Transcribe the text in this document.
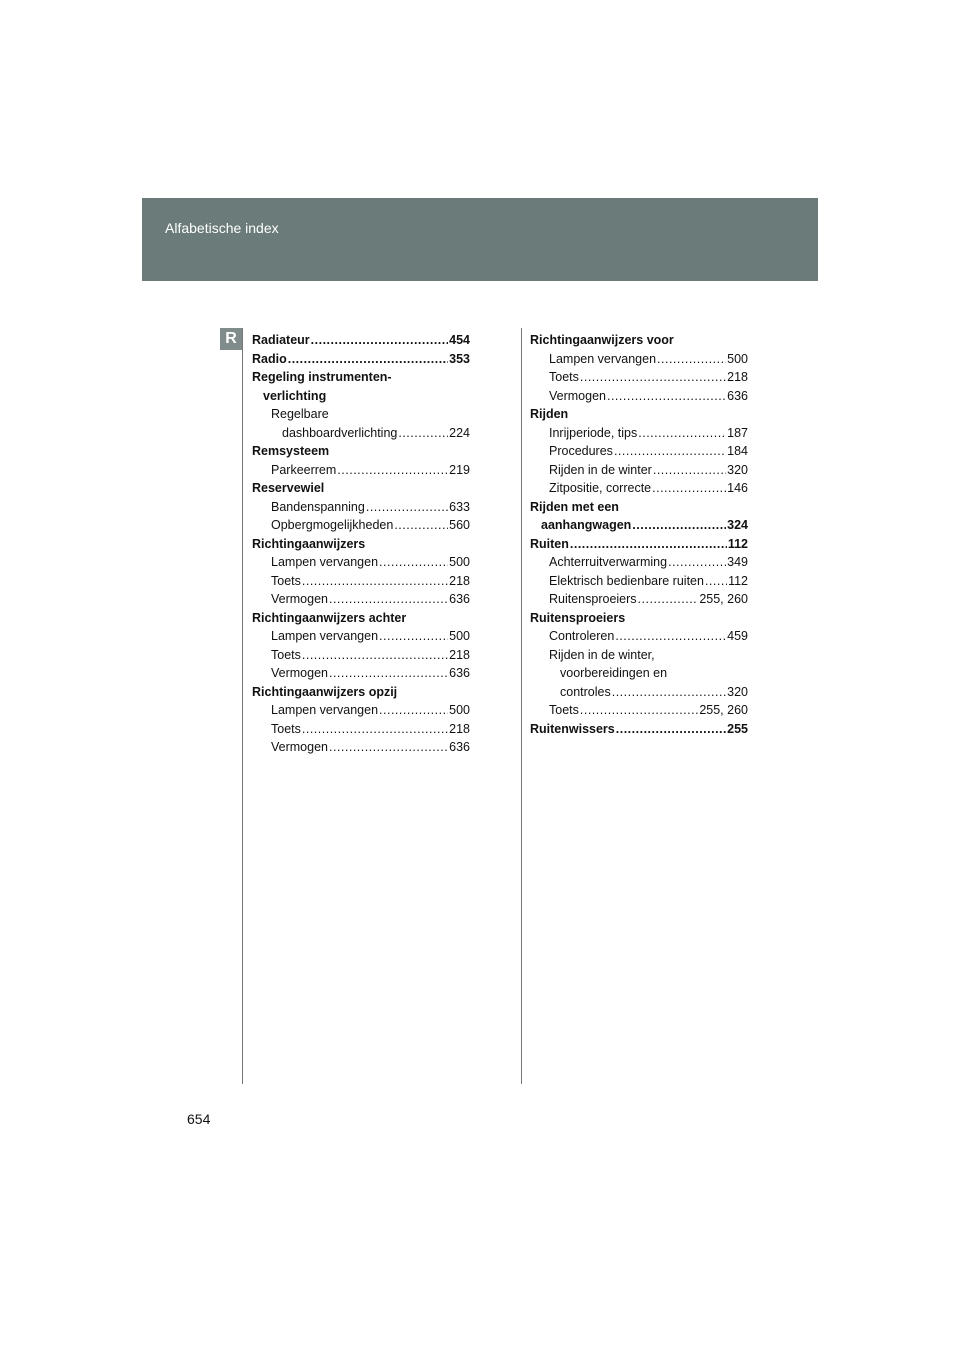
Alfabetische index
R	Radiateur .....	454
Radio .....	353
Regeling instrumenten-
verlichting
Regelbare
dashboardverlichting .....	224
Remsysteem
Parkeerrem .....	219
Reservewiel
Bandenspanning .....	633
Opbergmogelijkheden .....	560
Richtingaanwijzers
Lampen vervangen .....	500
Toets .....	218
Vermogen .....	636
Richtingaanwijzers achter
Lampen vervangen .....	500
Toets .....	218
Vermogen .....	636
Richtingaanwijzers opzij
Lampen vervangen .....	500
Toets .....	218
Vermogen .....	636
Richtingaanwijzers voor
Lampen vervangen .....	500
Toets .....	218
Vermogen .....	636
Rijden
Inrijperiode, tips .....	187
Procedures .....	184
Rijden in de winter .....	320
Zitpositie, correcte .....	146
Rijden met een
aanhangwagen .....	324
Ruiten .....	112
Achterruitverwarming .....	349
Elektrisch bedienbare ruiten ..... 112
Ruitensproeiers .....	255, 260
Ruitensproeiers
Controleren .....	459
Rijden in de winter,
voorbereidingen en
controles .....	320
Toets .....	255, 260
Ruitenwissers .....	255
654
